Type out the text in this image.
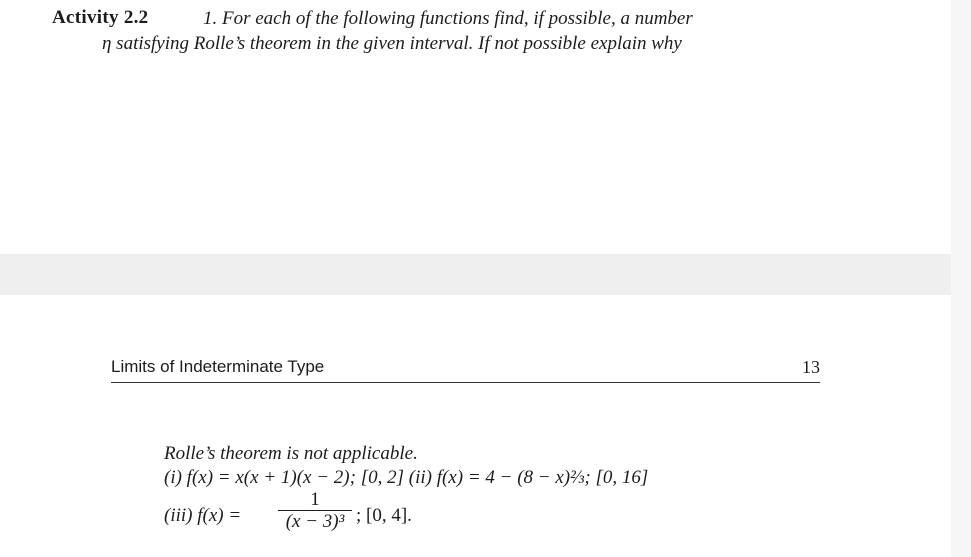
Activity 2.2	1. For each of the following functions find, if possible, a number
η satisfying Rolle’s theorem in the given interval. If not possible explain why
Limits of Indeterminate Type	13
Rolle’s theorem is not applicable.
(i) f(x) = x(x + 1)(x − 2); [0, 2] (ii) f(x) = 4 − (8 − x)⅔; [0, 16]
(iii) f(x) =
1
(x − 3)³ ; [0, 4].
